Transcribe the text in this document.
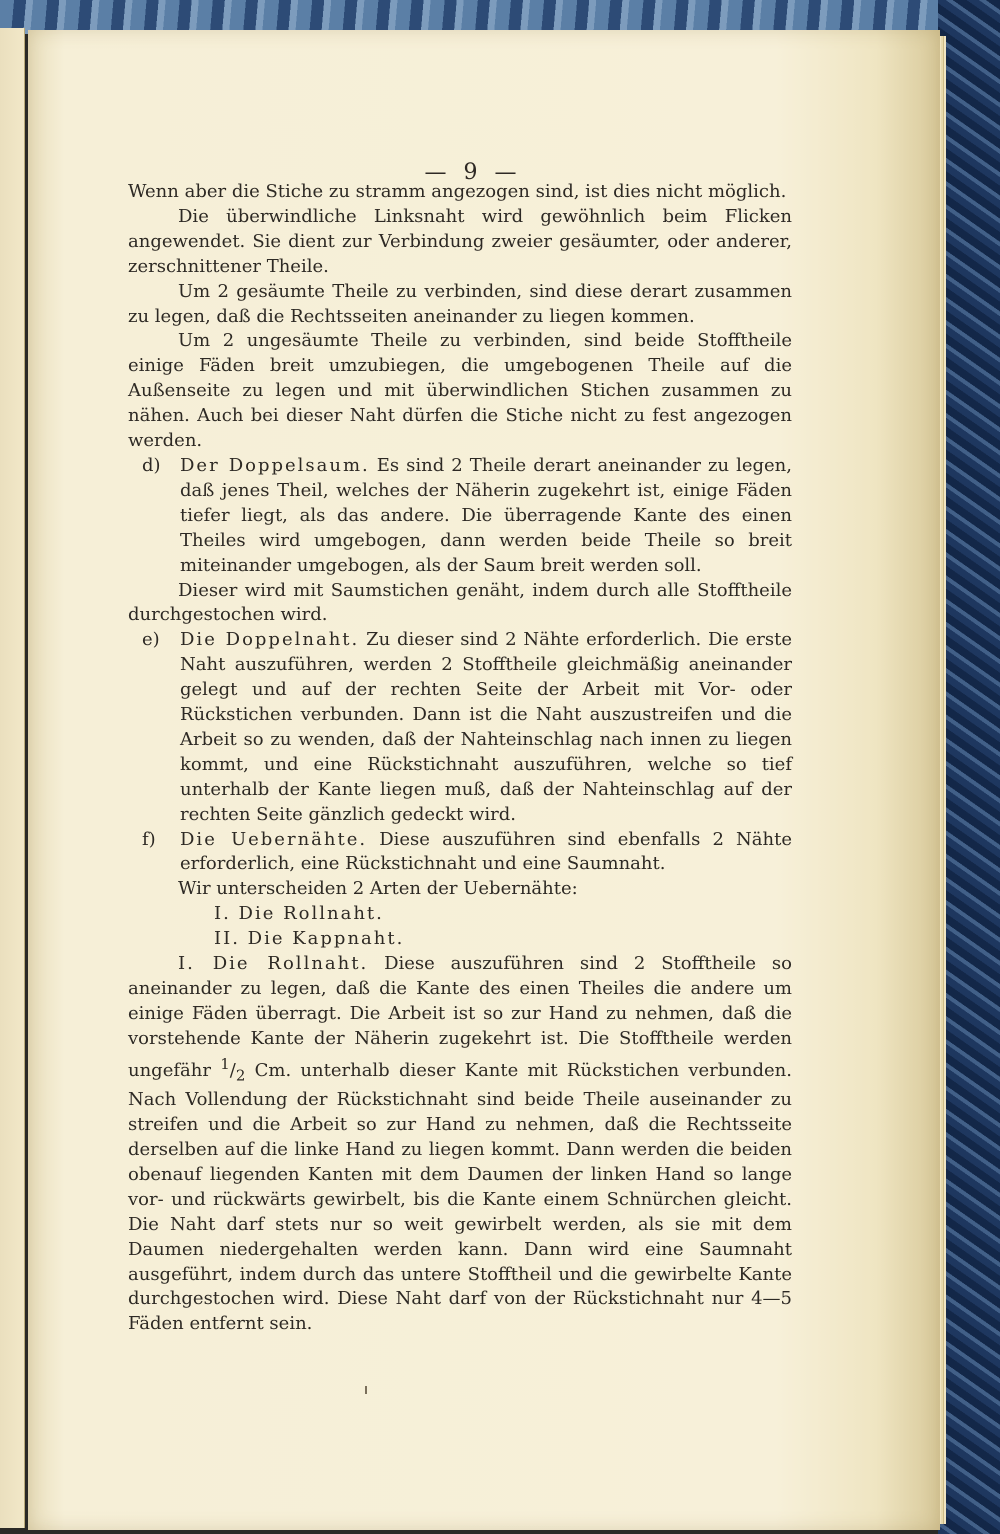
— 9 —

Wenn aber die Stiche zu stramm angezogen sind, ist dies nicht möglich.

Die überwindliche Linksnaht wird gewöhnlich beim Flicken angewendet. Sie dient zur Verbindung zweier gesäumter, oder anderer, zerschnittener Theile.

Um 2 gesäumte Theile zu verbinden, sind diese derart zusammen zu legen, daß die Rechtsseiten aneinander zu liegen kommen.

Um 2 ungesäumte Theile zu verbinden, sind beide Stofftheile einige Fäden breit umzubiegen, die umgebogenen Theile auf die Außenseite zu legen und mit überwindlichen Stichen zusammen zu nähen. Auch bei dieser Naht dürfen die Stiche nicht zu fest angezogen werden.

d) Der Doppelsaum. Es sind 2 Theile derart aneinander zu legen, daß jenes Theil, welches der Näherin zugekehrt ist, einige Fäden tiefer liegt, als das andere. Die überragende Kante des einen Theiles wird umgebogen, dann werden beide Theile so breit miteinander umgebogen, als der Saum breit werden soll.

Dieser wird mit Saumstichen genäht, indem durch alle Stofftheile durchgestochen wird.

e) Die Doppelnaht. Zu dieser sind 2 Nähte erforderlich. Die erste Naht auszuführen, werden 2 Stofftheile gleichmäßig aneinander gelegt und auf der rechten Seite der Arbeit mit Vor- oder Rückstichen verbunden. Dann ist die Naht auszustreifen und die Arbeit so zu wenden, daß der Nahteinschlag nach innen zu liegen kommt, und eine Rückstichnaht auszuführen, welche so tief unterhalb der Kante liegen muß, daß der Nahteinschlag auf der rechten Seite gänzlich gedeckt wird.

f) Die Uebernähte. Diese auszuführen sind ebenfalls 2 Nähte erforderlich, eine Rückstichnaht und eine Saumnaht.

Wir unterscheiden 2 Arten der Uebernähte:

I. Die Rollnaht.

II. Die Kappnaht.

I. Die Rollnaht. Diese auszuführen sind 2 Stofftheile so aneinander zu legen, daß die Kante des einen Theiles die andere um einige Fäden überragt. Die Arbeit ist so zur Hand zu nehmen, daß die vorstehende Kante der Näherin zugekehrt ist. Die Stofftheile werden ungefähr $^1/_2$ Cm. unterhalb dieser Kante mit Rückstichen verbunden. Nach Vollendung der Rückstichnaht sind beide Theile auseinander zu streifen und die Arbeit so zur Hand zu nehmen, daß die Rechtsseite derselben auf die linke Hand zu liegen kommt. Dann werden die beiden obenauf liegenden Kanten mit dem Daumen der linken Hand so lange vor- und rückwärts gewirbelt, bis die Kante einem Schnürchen gleicht. Die Naht darf stets nur so weit gewirbelt werden, als sie mit dem Daumen niedergehalten werden kann. Dann wird eine Saumnaht ausgeführt, indem durch das untere Stofftheil und die gewirbelte Kante durchgestochen wird. Diese Naht darf von der Rückstichnaht nur 4—5 Fäden entfernt sein.
